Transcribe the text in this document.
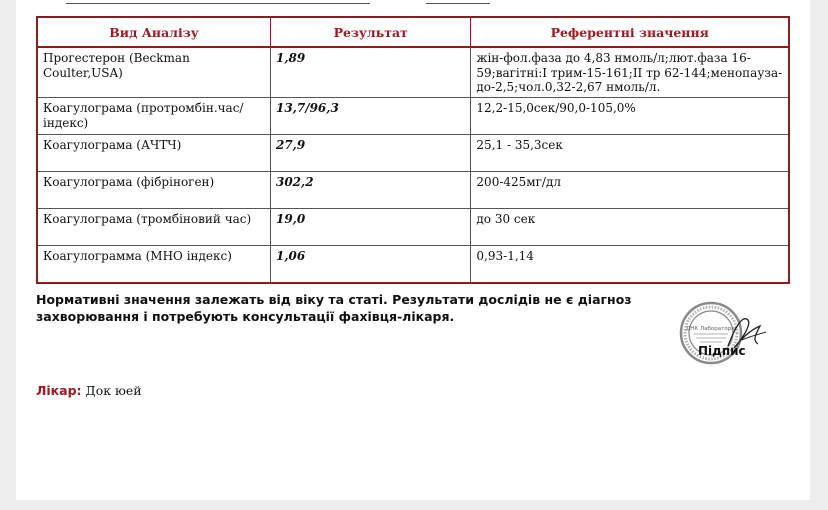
Вид Аналізу	Результат	Референтні значення
Прогестерон (Beckman Coulter,USA)	1,89	жін-фол.фаза до 4,83 нмоль/л;лют.фаза 16-59;вагітні:I трим-15-161;II тр 62-144;менопауза-до-2,5;чол.0,32-2,67 нмоль/л.
Коагулограма (протромбін.час/ індекс)	13,7/96,3	12,2-15,0сек/90,0-105,0%
Коагулограма (АЧТЧ)	27,9	25,1 - 35,3сек
Коагулограма (фібріноген)	302,2	200-425мг/дл
Коагулограма (тромбіновий час)	19,0	до 30 сек
Коагулограмма (МНО індекс)	1,06	0,93-1,14
Нормативні значення залежать від віку та статі. Результати дослідів не є діагноз захворювання і потребують консультації фахівця-лікаря.
ДНК Лабораторія
Підпис
Лікар: Док юей
